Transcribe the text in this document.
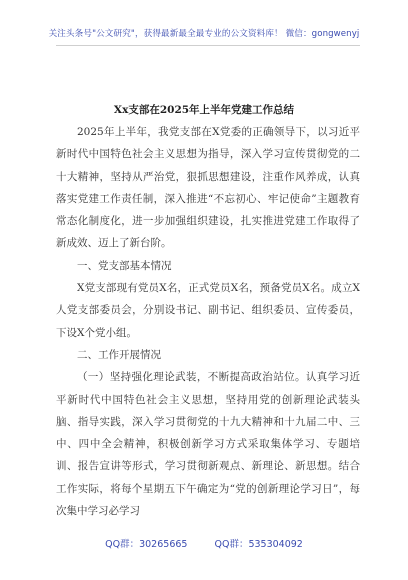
关注头条号"公文研究"，获得最新最全最专业的公文资料库！ 微信：gongwenyj
Xx支部在2025年上半年党建工作总结

2025年上半年，我党支部在X党委的正确领导下，以习近平新时代中国特色社会主义思想为指导，深入学习宣传贯彻党的二十大精神，坚持从严治党，狠抓思想建设，注重作风养成，认真落实党建工作责任制，深入推进“不忘初心、牢记使命”主题教育常态化制度化，进一步加强组织建设，扎实推进党建工作取得了新成效、迈上了新台阶。

一、党支部基本情况

X党支部现有党员X名，正式党员X名，预备党员X名。成立X人党支部委员会，分别设书记、副书记、组织委员、宣传委员，下设X个党小组。

二、工作开展情况

（一）坚持强化理论武装，不断提高政治站位。认真学习近平新时代中国特色社会主义思想，坚持用党的创新理论武装头脑、指导实践，深入学习贯彻党的十九大精神和十九届二中、三中、四中全会精神，积极创新学习方式采取集体学习、专题培训、报告宣讲等形式，学习贯彻新观点、新理论、新思想。结合工作实际，将每个星期五下午确定为“党的创新理论学习日”，每次集中学习必学习

QQ群：30265665	QQ群：535304092
